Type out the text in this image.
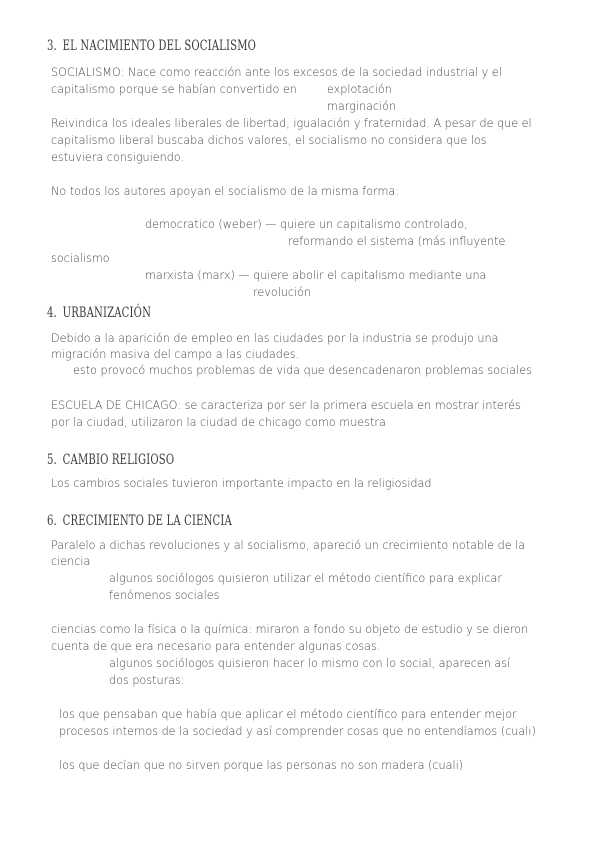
3. EL NACIMIENTO DEL SOCIALISMO
SOCIALISMO: Nace como reacción ante los excesos de la sociedad industrial y el
capitalismo porque se habían convertido en	explotación
marginación
Reivindica los ideales liberales de libertad, igualación y fraternidad. A pesar de que el
capitalismo liberal buscaba dichos valores, el socialismo no considera que los
estuviera consiguiendo.
No todos los autores apoyan el socialismo de la misma forma:
democratico (weber) — quiere un capitalismo controlado,
reformando el sistema (más influyente
socialismo
marxista (marx) — quiere abolir el capitalismo mediante una
revolución
4. URBANIZACIÓN
Debido a la aparición de empleo en las ciudades por la industria se produjo una
migración masiva del campo a las ciudades.
esto provocó muchos problemas de vida que desencadenaron problemas sociales
ESCUELA DE CHICAGO: se caracteriza por ser la primera escuela en mostrar interés
por la ciudad, utilizaron la ciudad de chicago como muestra
5. CAMBIO RELIGIOSO
Los cambios sociales tuvieron importante impacto en la religiosidad
6. CRECIMIENTO DE LA CIENCIA
Paralelo a dichas revoluciones y al socialismo, apareció un crecimiento notable de la
ciencia
algunos sociólogos quisieron utilizar el método científico para explicar
fenómenos sociales
ciencias como la física o la química: miraron a fondo su objeto de estudio y se dieron
cuenta de que era necesario para entender algunas cosas.
algunos sociólogos quisieron hacer lo mismo con lo social, aparecen así
dos posturas:
los que pensaban que había que aplicar el método científico para entender mejor
procesos internos de la sociedad y así comprender cosas que no entendíamos (cuali)
los que decían que no sirven porque las personas no son madera (cuali)
